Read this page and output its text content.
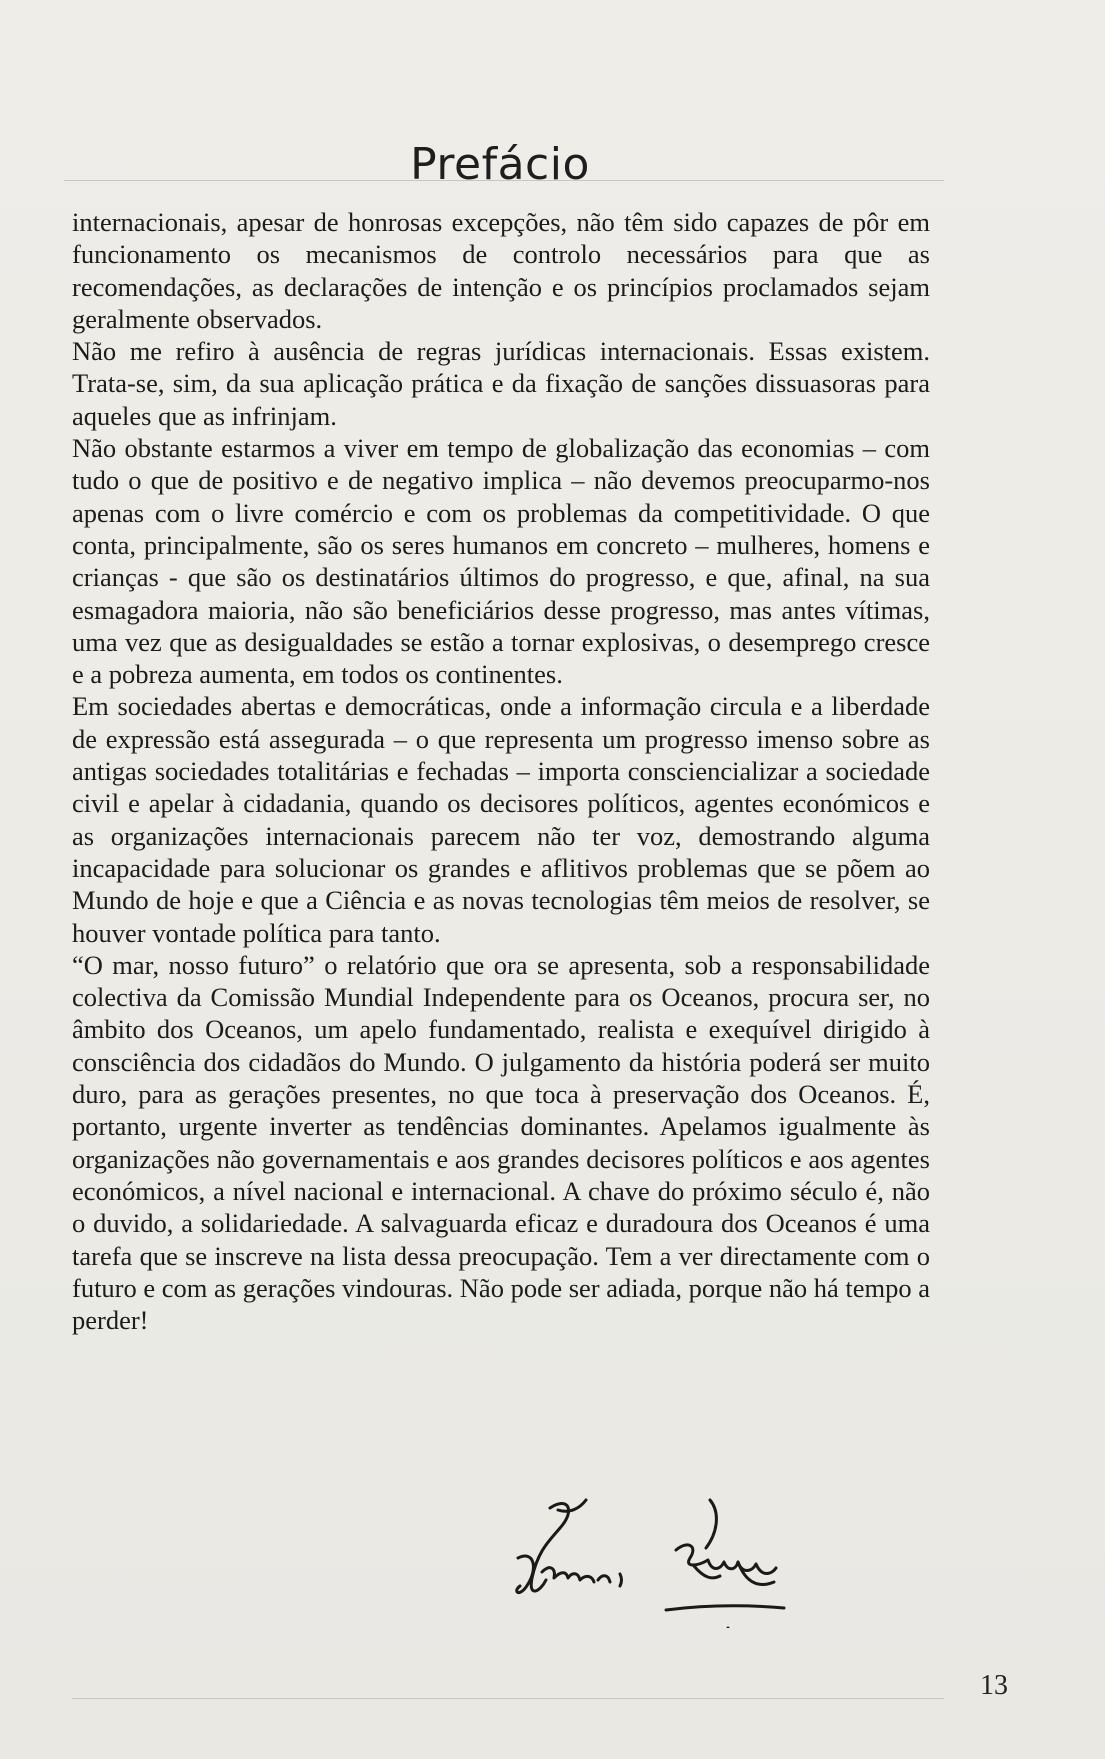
Prefácio

internacionais, apesar de honrosas excepções, não têm sido capazes de pôr em funcionamento os mecanismos de controlo necessários para que as recomendações, as declarações de intenção e os princípios proclamados sejam geralmente observados.

Não me refiro à ausência de regras jurídicas internacionais. Essas existem. Trata-se, sim, da sua aplicação prática e da fixação de sanções dissuasoras para aqueles que as infrinjam.

Não obstante estarmos a viver em tempo de globalização das economias – com tudo o que de positivo e de negativo implica – não devemos preocuparmo-nos apenas com o livre comércio e com os problemas da competitividade. O que conta, principalmente, são os seres humanos em concreto – mulheres, homens e crianças - que são os destinatários últimos do progresso, e que, afinal, na sua esmagadora maioria, não são beneficiários desse progresso, mas antes vítimas, uma vez que as desigualdades se estão a tornar explosivas, o desemprego cresce e a pobreza aumenta, em todos os continentes.

Em sociedades abertas e democráticas, onde a informação circula e a liberdade de expressão está assegurada – o que representa um progresso imenso sobre as antigas sociedades totalitárias e fechadas – importa consciencializar a sociedade civil e apelar à cidadania, quando os decisores políticos, agentes económicos e as organizações internacionais parecem não ter voz, demostrando alguma incapacidade para solucionar os grandes e aflitivos problemas que se põem ao Mundo de hoje e que a Ciência e as novas tecnologias têm meios de resolver, se houver vontade política para tanto.

“O mar, nosso futuro” o relatório que ora se apresenta, sob a responsabilidade colectiva da Comissão Mundial Independente para os Oceanos, procura ser, no âmbito dos Oceanos, um apelo fundamentado, realista e exequível dirigido à consciência dos cidadãos do Mundo. O julgamento da história poderá ser muito duro, para as gerações presentes, no que toca à preservação dos Oceanos. É, portanto, urgente inverter as tendências dominantes. Apelamos igualmente às organizações não governamentais e aos grandes decisores políticos e aos agentes económicos, a nível nacional e internacional. A chave do próximo século é, não o duvido, a solidariedade. A salvaguarda eficaz e duradoura dos Oceanos é uma tarefa que se inscreve na lista dessa preocupação. Tem a ver directamente com o futuro e com as gerações vindouras. Não pode ser adiada, porque não há tempo a perder!

13
